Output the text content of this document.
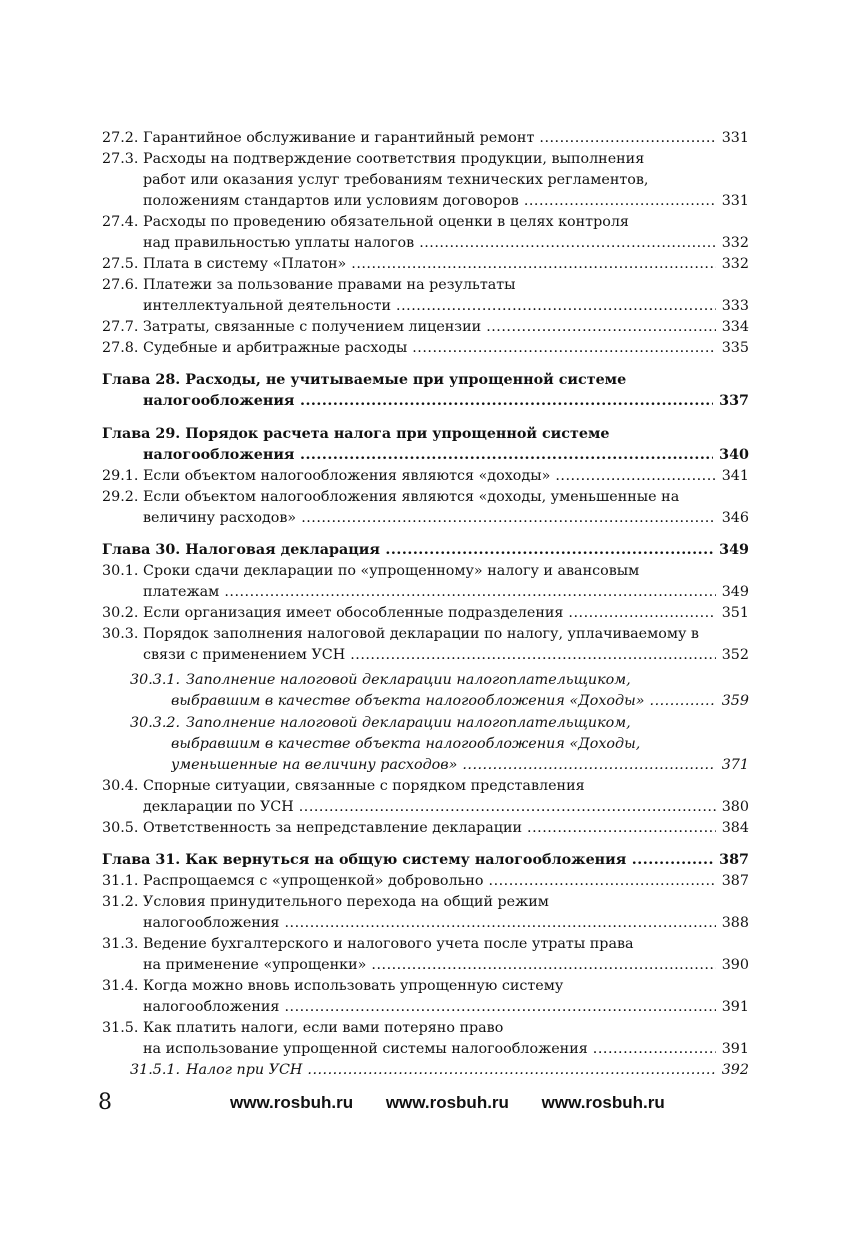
27.2. Гарантийное обслуживание и гарантийный ремонт .....	331
27.3. Расходы на подтверждение соответствия продукции, выполнения
работ или оказания услуг требованиям технических регламентов,
положениям стандартов или условиям договоров .....	331
27.4. Расходы по проведению обязательной оценки в целях контроля
над правильностью уплаты налогов .....	332
27.5. Плата в систему «Платон» .....	332
27.6. Платежи за пользование правами на результаты
интеллектуальной деятельности .....	333
27.7. Затраты, связанные с получением лицензии .....	334
27.8. Судебные и арбитражные расходы .....	335
Глава 28. Расходы, не учитываемые при упрощенной системе
налогообложения .....	337
Глава 29. Порядок расчета налога при упрощенной системе
налогообложения .....	340
29.1. Если объектом налогообложения являются «доходы» .....	341
29.2. Если объектом налогообложения являются «доходы, уменьшенные на
величину расходов» .....	346
Глава 30. Налоговая декларация .....	349
30.1. Сроки сдачи декларации по «упрощенному» налогу и авансовым
платежам .....	349
30.2. Если организация имеет обособленные подразделения .....	351
30.3. Порядок заполнения налоговой декларации по налогу, уплачиваемому в
связи с применением УСН .....	352
30.3.1. Заполнение налоговой декларации налогоплательщиком,
выбравшим в качестве объекта налогообложения «Доходы» .....	359
30.3.2. Заполнение налоговой декларации налогоплательщиком,
выбравшим в качестве объекта налогообложения «Доходы,
уменьшенные на величину расходов» .....	371
30.4. Спорные ситуации, связанные с порядком представления
декларации по УСН .....	380
30.5. Ответственность за непредставление декларации .....	384
Глава 31. Как вернуться на общую систему налогообложения .....	387
31.1. Распрощаемся с «упрощенкой» добровольно .....	387
31.2. Условия принудительного перехода на общий режим
налогообложения .....	388
31.3. Ведение бухгалтерского и налогового учета после утраты права
на применение «упрощенки» .....	390
31.4. Когда можно вновь использовать упрощенную систему
налогообложения .....	391
31.5. Как платить налоги, если вами потеряно право
на использование упрощенной системы налогообложения .....	391
31.5.1. Налог при УСН .....	392
8	www.rosbuh.ru www.rosbuh.ru www.rosbuh.ru
